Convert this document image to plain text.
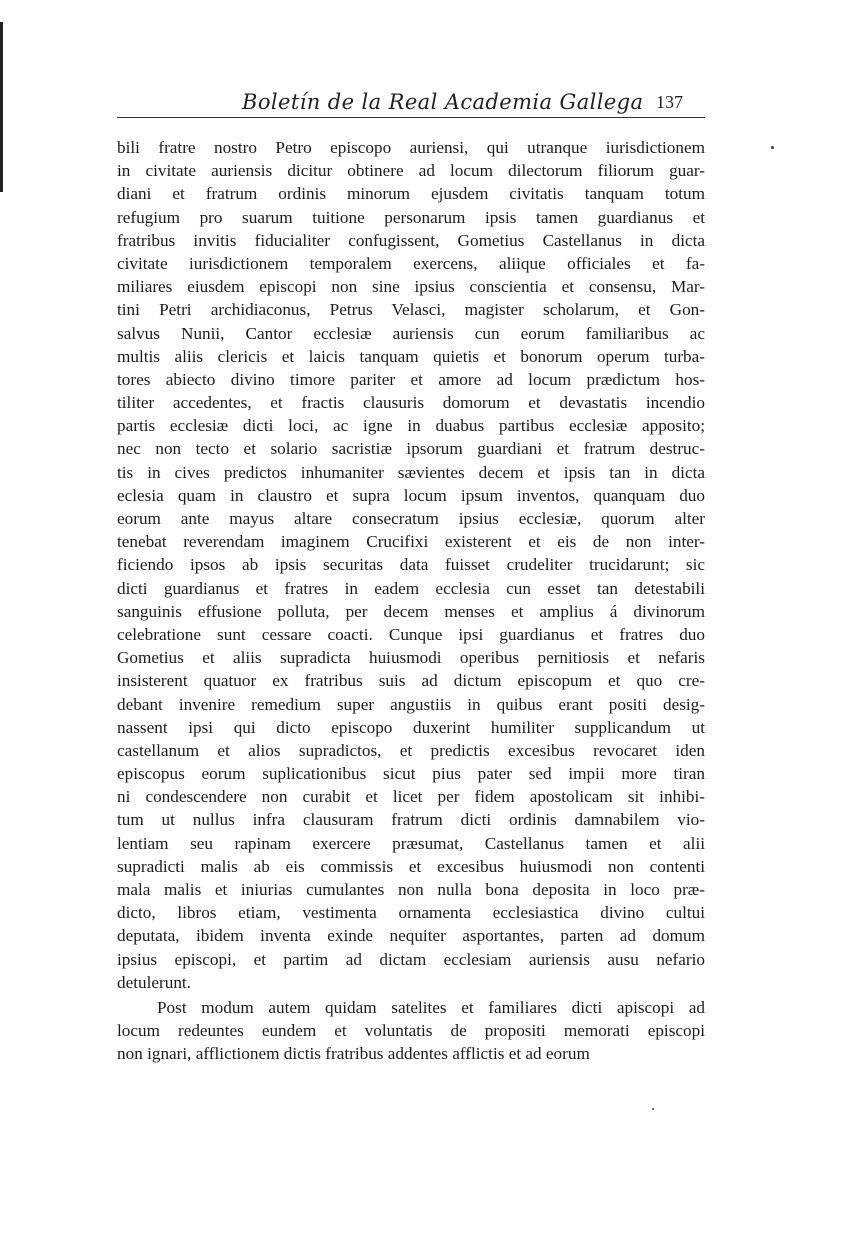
Boletín de la Real Academia Gallega 137
bili fratre nostro Petro episcopo auriensi, qui utranque iurisdictionem
in civitate auriensis dicitur obtinere ad locum dilectorum filiorum guar-
diani et fratrum ordinis minorum ejusdem civitatis tanquam totum
refugium pro suarum tuitione personarum ipsis tamen guardianus et
fratribus invitis fiducialiter confugissent, Gometius Castellanus in dicta
civitate iurisdictionem temporalem exercens, aliique officiales et fa-
miliares eiusdem episcopi non sine ipsius conscientia et consensu, Mar-
tini Petri archidiaconus, Petrus Velasci, magister scholarum, et Gon-
salvus Nunii, Cantor ecclesiæ auriensis cun eorum familiaribus ac
multis aliis clericis et laicis tanquam quietis et bonorum operum turba-
tores abiecto divino timore pariter et amore ad locum prædictum hos-
tiliter accedentes, et fractis clausuris domorum et devastatis incendio
partis ecclesiæ dicti loci, ac igne in duabus partibus ecclesiæ apposito;
nec non tecto et solario sacristiæ ipsorum guardiani et fratrum destruc-
tis in cives predictos inhumaniter sævientes decem et ipsis tan in dicta
eclesia quam in claustro et supra locum ipsum inventos, quanquam duo
eorum ante mayus altare consecratum ipsius ecclesiæ, quorum alter
tenebat reverendam imaginem Crucifixi existerent et eis de non inter-
ficiendo ipsos ab ipsis securitas data fuisset crudeliter trucidarunt; sic
dicti guardianus et fratres in eadem ecclesia cun esset tan detestabili
sanguinis effusione polluta, per decem menses et amplius á divinorum
celebratione sunt cessare coacti. Cunque ipsi guardianus et fratres duo
Gometius et aliis supradicta huiusmodi operibus pernitiosis et nefaris
insisterent quatuor ex fratribus suis ad dictum episcopum et quo cre-
debant invenire remedium super angustiis in quibus erant positi desig-
nassent ipsi qui dicto episcopo duxerint humiliter supplicandum ut
castellanum et alios supradictos, et predictis excesibus revocaret iden
episcopus eorum suplicationibus sicut pius pater sed impii more tiran
ni condescendere non curabit et licet per fidem apostolicam sit inhibi-
tum ut nullus infra clausuram fratrum dicti ordinis damnabilem vio-
lentiam seu rapinam exercere præsumat, Castellanus tamen et alii
supradicti malis ab eis commissis et excesibus huiusmodi non contenti
mala malis et iniurias cumulantes non nulla bona deposita in loco præ-
dicto, libros etiam, vestimenta ornamenta ecclesiastica divino cultui
deputata, ibidem inventa exinde nequiter asportantes, parten ad domum
ipsius episcopi, et partim ad dictam ecclesiam auriensis ausu nefario
detulerunt.
Post modum autem quidam satelites et familiares dicti apiscopi ad
locum redeuntes eundem et voluntatis de propositi memorati episcopi
non ignari, afflictionem dictis fratribus addentes afflictis et ad eorum
